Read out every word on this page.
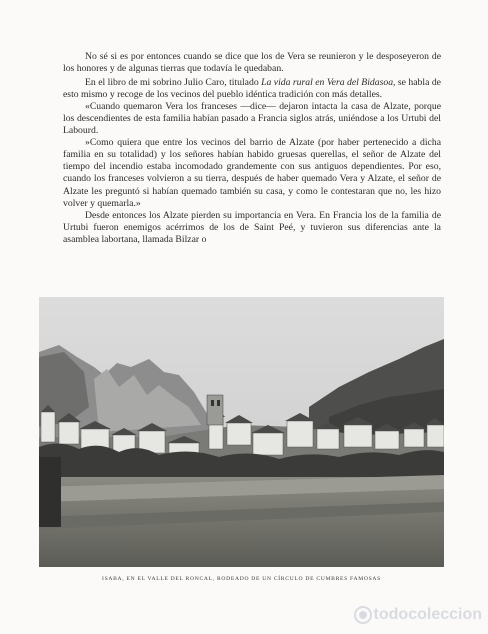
No sé si es por entonces cuando se dice que los de Vera se reunieron y le desposeyeron de los honores y de algunas tierras que todavía le quedaban.

En el libro de mi sobrino Julio Caro, titulado La vida rural en Vera del Bidasoa, se habla de esto mismo y recoge de los vecinos del pueblo idéntica tradición con más detalles.

«Cuando quemaron Vera los franceses —dice— dejaron intacta la casa de Alzate, porque los descendientes de esta familia habían pasado a Francia siglos atrás, uniéndose a los Urtubi del Labourd.

»Como quiera que entre los vecinos del barrio de Alzate (por haber pertenecido a dicha familia en su totalidad) y los señores habían habido gruesas querellas, el señor de Alzate del tiempo del incendio estaba incomodado grandemente con sus antiguos dependientes. Por eso, cuando los franceses volvieron a su tierra, después de haber quemado Vera y Alzate, el señor de Alzate les preguntó si habían quemado también su casa, y como le contestaran que no, les hizo volver y quemarla.»

Desde entonces los Alzate pierden su importancia en Vera. En Francia los de la familia de Urtubi fueron enemigos acérrimos de los de Saint Peé, y tuvieron sus diferencias ante la asamblea labortana, llamada Bilzar o

ISABA, EN EL VALLE DEL RONCAL, RODEADO DE UN CÍRCULO DE CUMBRES FAMOSAS
todocoleccion
